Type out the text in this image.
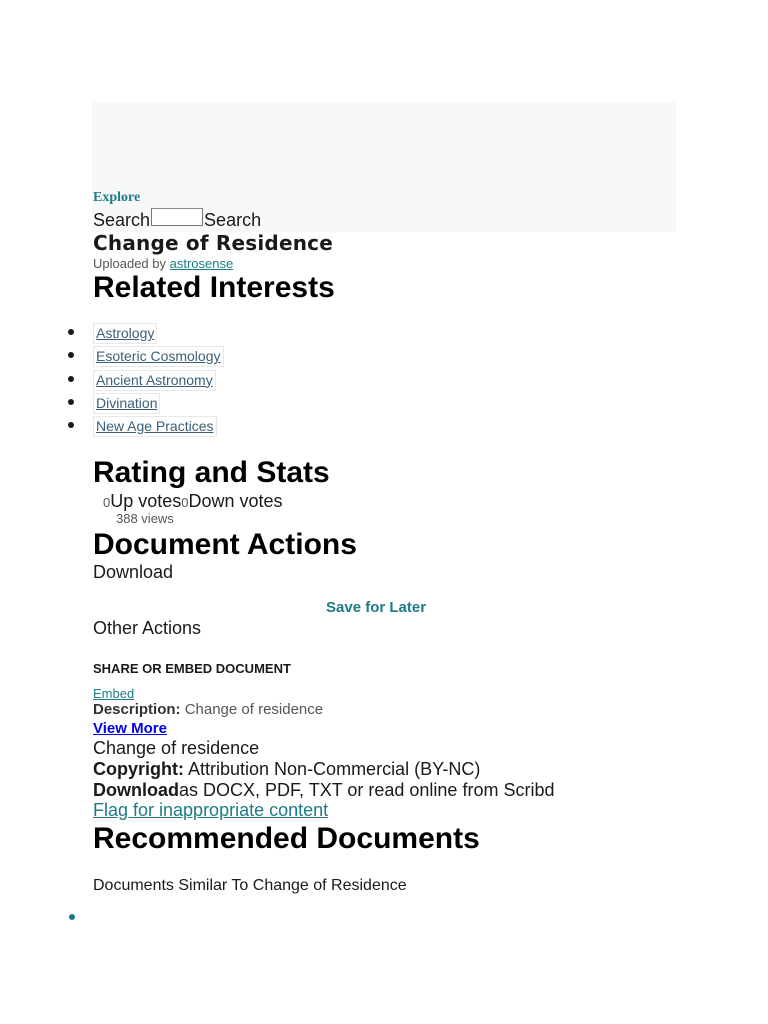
Explore
Search	Search
Change of Residence
Uploaded by astrosense
Related Interests
Astrology
Esoteric Cosmology
Ancient Astronomy
Divination
New Age Practices
Rating and Stats
0Up votes0Down votes
388 views
Document Actions
Download
Save for Later
Other Actions
SHARE OR EMBED DOCUMENT
Embed
Description: Change of residence
View More
Change of residence
Copyright: Attribution Non-Commercial (BY-NC)
Downloadas DOCX, PDF, TXT or read online from Scribd
Flag for inappropriate content
Recommended Documents
Documents Similar To Change of Residence
